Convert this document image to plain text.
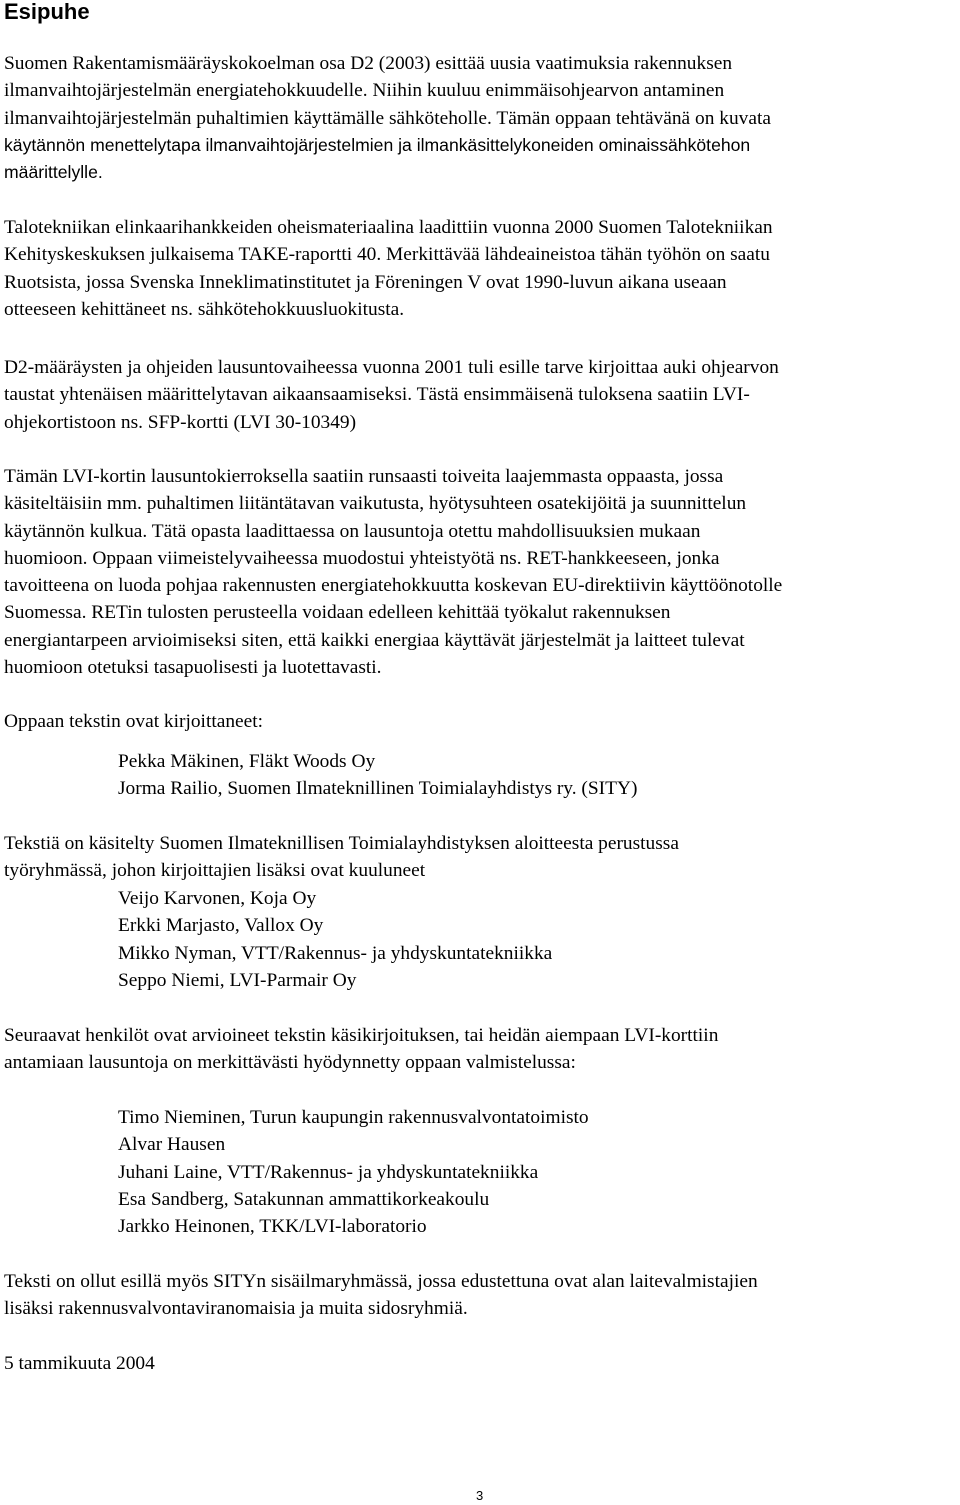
Esipuhe

Suomen Rakentamismääräyskokoelman osa D2 (2003) esittää uusia vaatimuksia rakennuksen
ilmanvaihtojärjestelmän energiatehokkuudelle. Niihin kuuluu enimmäisohjearvon antaminen
ilmanvaihtojärjestelmän puhaltimien käyttämälle sähköteholle. Tämän oppaan tehtävänä on kuvata
käytännön menettelytapa ilmanvaihtojärjestelmien ja ilmankäsittelykoneiden ominaissähkötehon
määrittelylle.

Talotekniikan elinkaarihankkeiden oheismateriaalina laadittiin vuonna 2000 Suomen Talotekniikan
Kehityskeskuksen julkaisema TAKE-raportti 40. Merkittävää lähdeaineistoa tähän työhön on saatu
Ruotsista, jossa Svenska Inneklimatinstitutet ja Föreningen V ovat 1990-luvun aikana useaan
otteeseen kehittäneet ns. sähkötehokkuusluokitusta.

D2-määräysten ja ohjeiden lausuntovaiheessa vuonna 2001 tuli esille tarve kirjoittaa auki ohjearvon
taustat yhtenäisen määrittelytavan aikaansaamiseksi. Tästä ensimmäisenä tuloksena saatiin LVI-
ohjekortistoon ns. SFP-kortti (LVI 30-10349)

Tämän LVI-kortin lausuntokierroksella saatiin runsaasti toiveita laajemmasta oppaasta, jossa
käsiteltäisiin mm. puhaltimen liitäntätavan vaikutusta, hyötysuhteen osatekijöitä ja suunnittelun
käytännön kulkua. Tätä opasta laadittaessa on lausuntoja otettu mahdollisuuksien mukaan
huomioon. Oppaan viimeistelyvaiheessa muodostui yhteistyötä ns. RET-hankkeeseen, jonka
tavoitteena on luoda pohjaa rakennusten energiatehokkuutta koskevan EU-direktiivin käyttöönotolle
Suomessa. RETin tulosten perusteella voidaan edelleen kehittää työkalut rakennuksen
energiantarpeen arvioimiseksi siten, että kaikki energiaa käyttävät järjestelmät ja laitteet tulevat
huomioon otetuksi tasapuolisesti ja luotettavasti.

Oppaan tekstin ovat kirjoittaneet:

Pekka Mäkinen, Fläkt Woods Oy
Jorma Railio, Suomen Ilmateknillinen Toimialayhdistys ry. (SITY)

Tekstiä on käsitelty Suomen Ilmateknillisen Toimialayhdistyksen aloitteesta perustussa
työryhmässä, johon kirjoittajien lisäksi ovat kuuluneet

Veijo Karvonen, Koja Oy
Erkki Marjasto, Vallox Oy
Mikko Nyman, VTT/Rakennus- ja yhdyskuntatekniikka
Seppo Niemi, LVI-Parmair Oy

Seuraavat henkilöt ovat arvioineet tekstin käsikirjoituksen, tai heidän aiempaan LVI-korttiin
antamiaan lausuntoja on merkittävästi hyödynnetty oppaan valmistelussa:

Timo Nieminen, Turun kaupungin rakennusvalvontatoimisto
Alvar Hausen
Juhani Laine, VTT/Rakennus- ja yhdyskuntatekniikka
Esa Sandberg, Satakunnan ammattikorkeakoulu
Jarkko Heinonen, TKK/LVI-laboratorio

Teksti on ollut esillä myös SITYn sisäilmaryhmässä, jossa edustettuna ovat alan laitevalmistajien
lisäksi rakennusvalvontaviranomaisia ja muita sidosryhmiä.

5 tammikuuta 2004

3
